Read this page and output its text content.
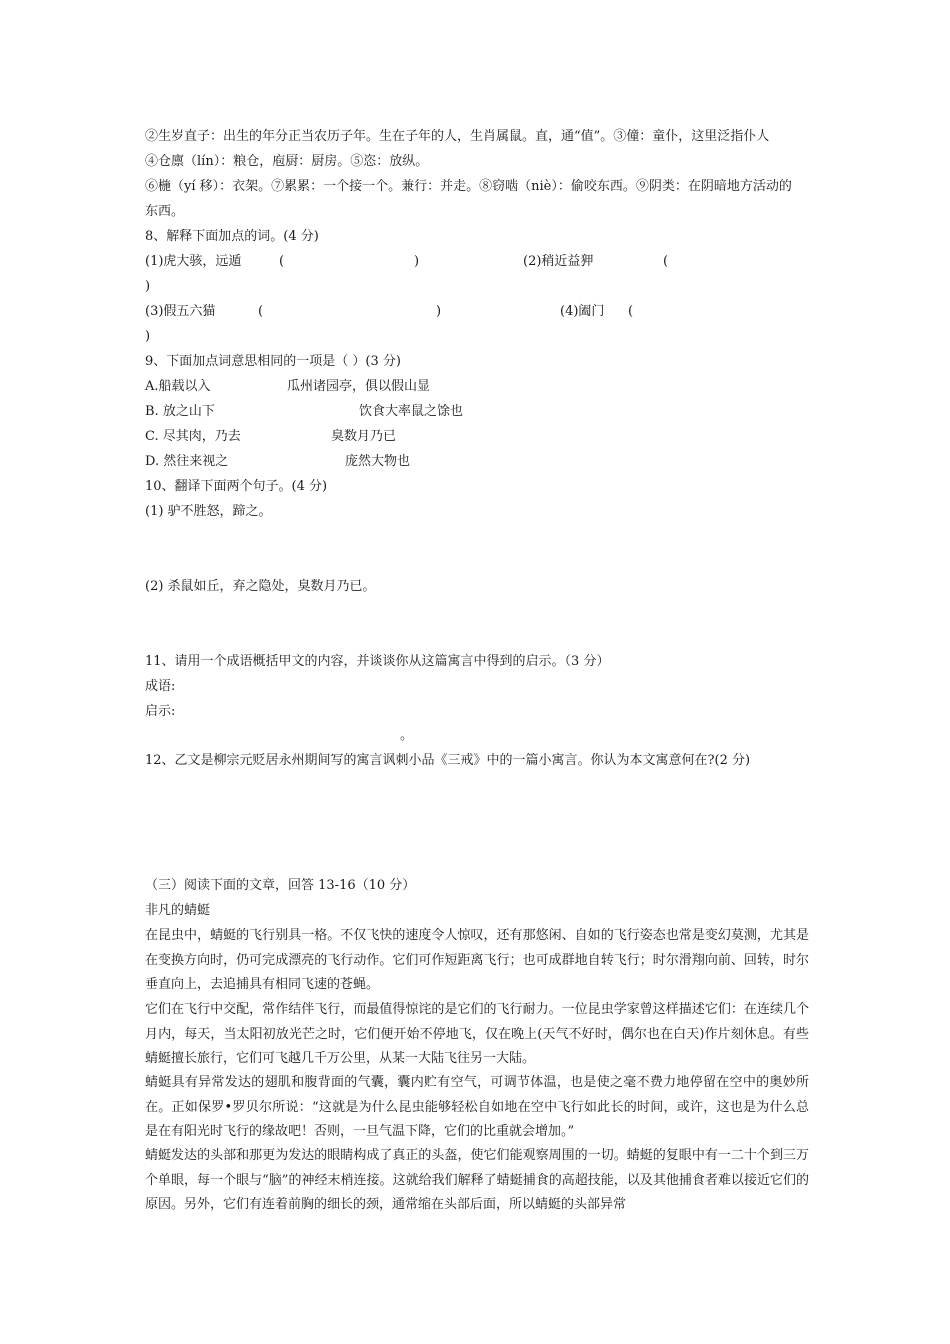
②生岁直子：出生的年分正当农历子年。生在子年的人，生肖属鼠。直，通“值”。③僮：童仆，这里泛指仆人
④仓廪（lín）：粮仓，庖厨：厨房。⑤恣：放纵。
⑥椸（yí 移）：衣架。⑦累累：一个接一个。兼行：并走。⑧窃啮（niè）：偷咬东西。⑨阴类：在阴暗地方活动的
东西。
8、解释下面加点的词。(4 分)
(1)虎大骇，远遁	(	)	(2)稍近益狎	(
)
(3)假五六猫	(	)	(4)阖门 (
)
9、下面加点词意思相同的一项是（ ）(3 分)
A.船载以入	瓜州诸园亭，俱以假山显
B. 放之山下	饮食大率鼠之馀也
C. 尽其肉，乃去	臭数月乃已
D. 然往来视之	庞然大物也
10、翻译下面两个句子。(4 分)
(1) 驴不胜怒，蹄之。
(2) 杀鼠如丘，弃之隐处，臭数月乃已。
11、请用一个成语概括甲文的内容，并谈谈你从这篇寓言中得到的启示。（3 分）
成语:
启示:
。
12、乙文是柳宗元贬居永州期间写的寓言讽刺小品《三戒》中的一篇小寓言。你认为本文寓意何在?(2 分)
（三）阅读下面的文章，回答 13-16（10 分）
非凡的蜻蜓
在昆虫中，蜻蜓的飞行别具一格。不仅飞快的速度令人惊叹，还有那悠闲、自如的飞行姿态也常是变幻莫测，尤其是在变换方向时，仍可完成漂亮的飞行动作。它们可作短距离飞行；也可成群地自转飞行；时尔滑翔向前、回转，时尔垂直向上，去追捕具有相同飞速的苍蝇。
它们在飞行中交配，常作结伴飞行，而最值得惊诧的是它们的飞行耐力。一位昆虫学家曾这样描述它们：在连续几个月内，每天，当太阳初放光芒之时，它们便开始不停地飞，仅在晚上(天气不好时，偶尔也在白天)作片刻休息。有些蜻蜓擅长旅行，它们可飞越几千万公里，从某一大陆飞往另一大陆。
蜻蜓具有异常发达的翅肌和腹背面的气囊，囊内贮有空气，可调节体温，也是使之毫不费力地停留在空中的奥妙所在。正如保罗•罗贝尔所说：“这就是为什么昆虫能够轻松自如地在空中飞行如此长的时间，或许，这也是为什么总是在有阳光时飞行的缘故吧！否则，一旦气温下降，它们的比重就会增加。”
蜻蜓发达的头部和那更为发达的眼睛构成了真正的头盔，使它们能观察周围的一切。蜻蜓的复眼中有一二十个到三万个单眼，每一个眼与“脑”的神经末梢连接。这就给我们解释了蜻蜓捕食的高超技能，以及其他捕食者难以接近它们的原因。另外，它们有连着前胸的细长的颈，通常缩在头部后面，所以蜻蜓的头部异常
